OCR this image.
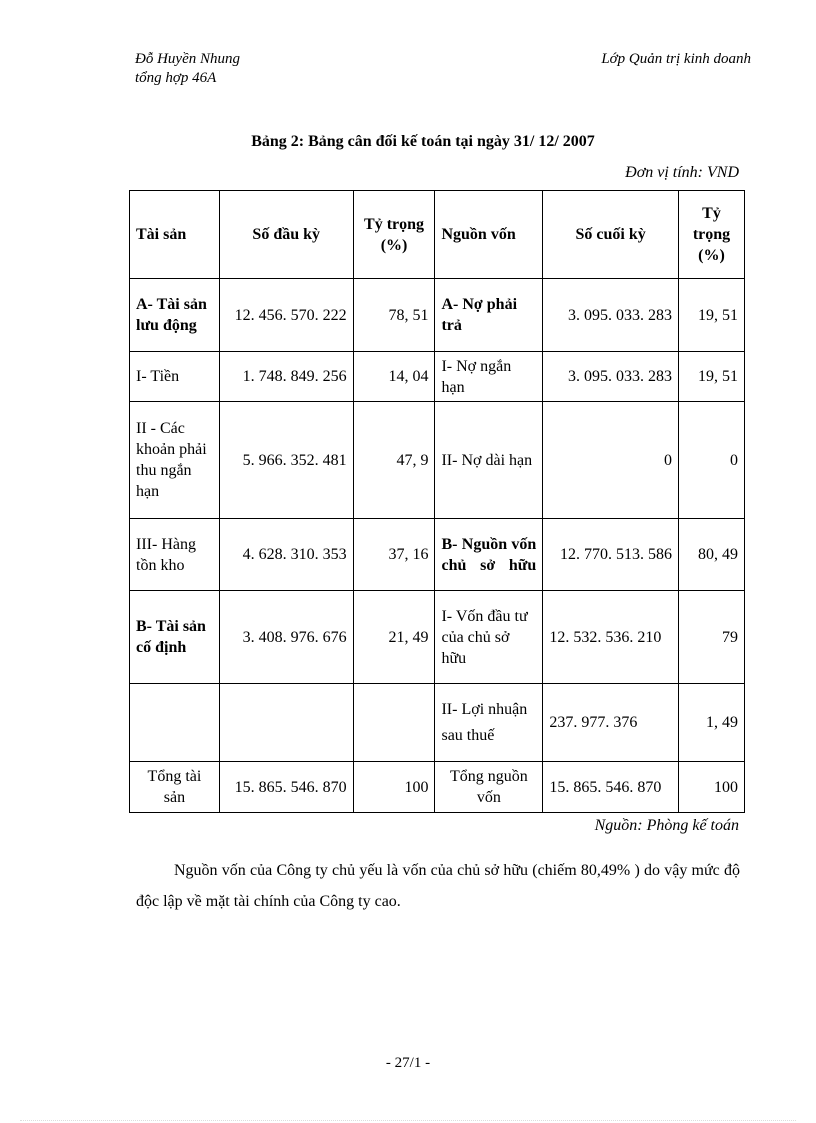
Đỗ Huyền Nhung
tổng hợp 46A
Lớp Quản trị kinh doanh
Bảng 2: Bảng cân đối kế toán tại ngày 31/ 12/ 2007
Đơn vị tính: VND
Tài sản	Số đầu kỳ	Tỷ trọng (%)	Nguồn vốn	Số cuối kỳ	Tỷ trọng (%)
A- Tài sản lưu động	12. 456. 570. 222	78, 51	A- Nợ phải trả	3. 095. 033. 283	19, 51
I- Tiền	1. 748. 849. 256	14, 04	I- Nợ ngắn hạn	3. 095. 033. 283	19, 51
II - Các khoản phải thu ngắn hạn	5. 966. 352. 481	47, 9	II- Nợ dài hạn	0	0
III- Hàng tồn kho	4. 628. 310. 353	37, 16	B- Nguồn vốn chủ sở hữu	12. 770. 513. 586	80, 49
B- Tài sản cố định	3. 408. 976. 676	21, 49	I- Vốn đầu tư của chủ sở hữu	12. 532. 536. 210	79
			II- Lợi nhuận sau thuế	237. 977. 376	1, 49
Tổng tài sản	15. 865. 546. 870	100	Tổng nguồn vốn	15. 865. 546. 870	100
Nguồn: Phòng kế toán
Nguồn vốn của Công ty chủ yếu là vốn của chủ sở hữu (chiếm 80,49% ) do vậy mức độ độc lập về mặt tài chính của Công ty cao.
- 27/1 -
